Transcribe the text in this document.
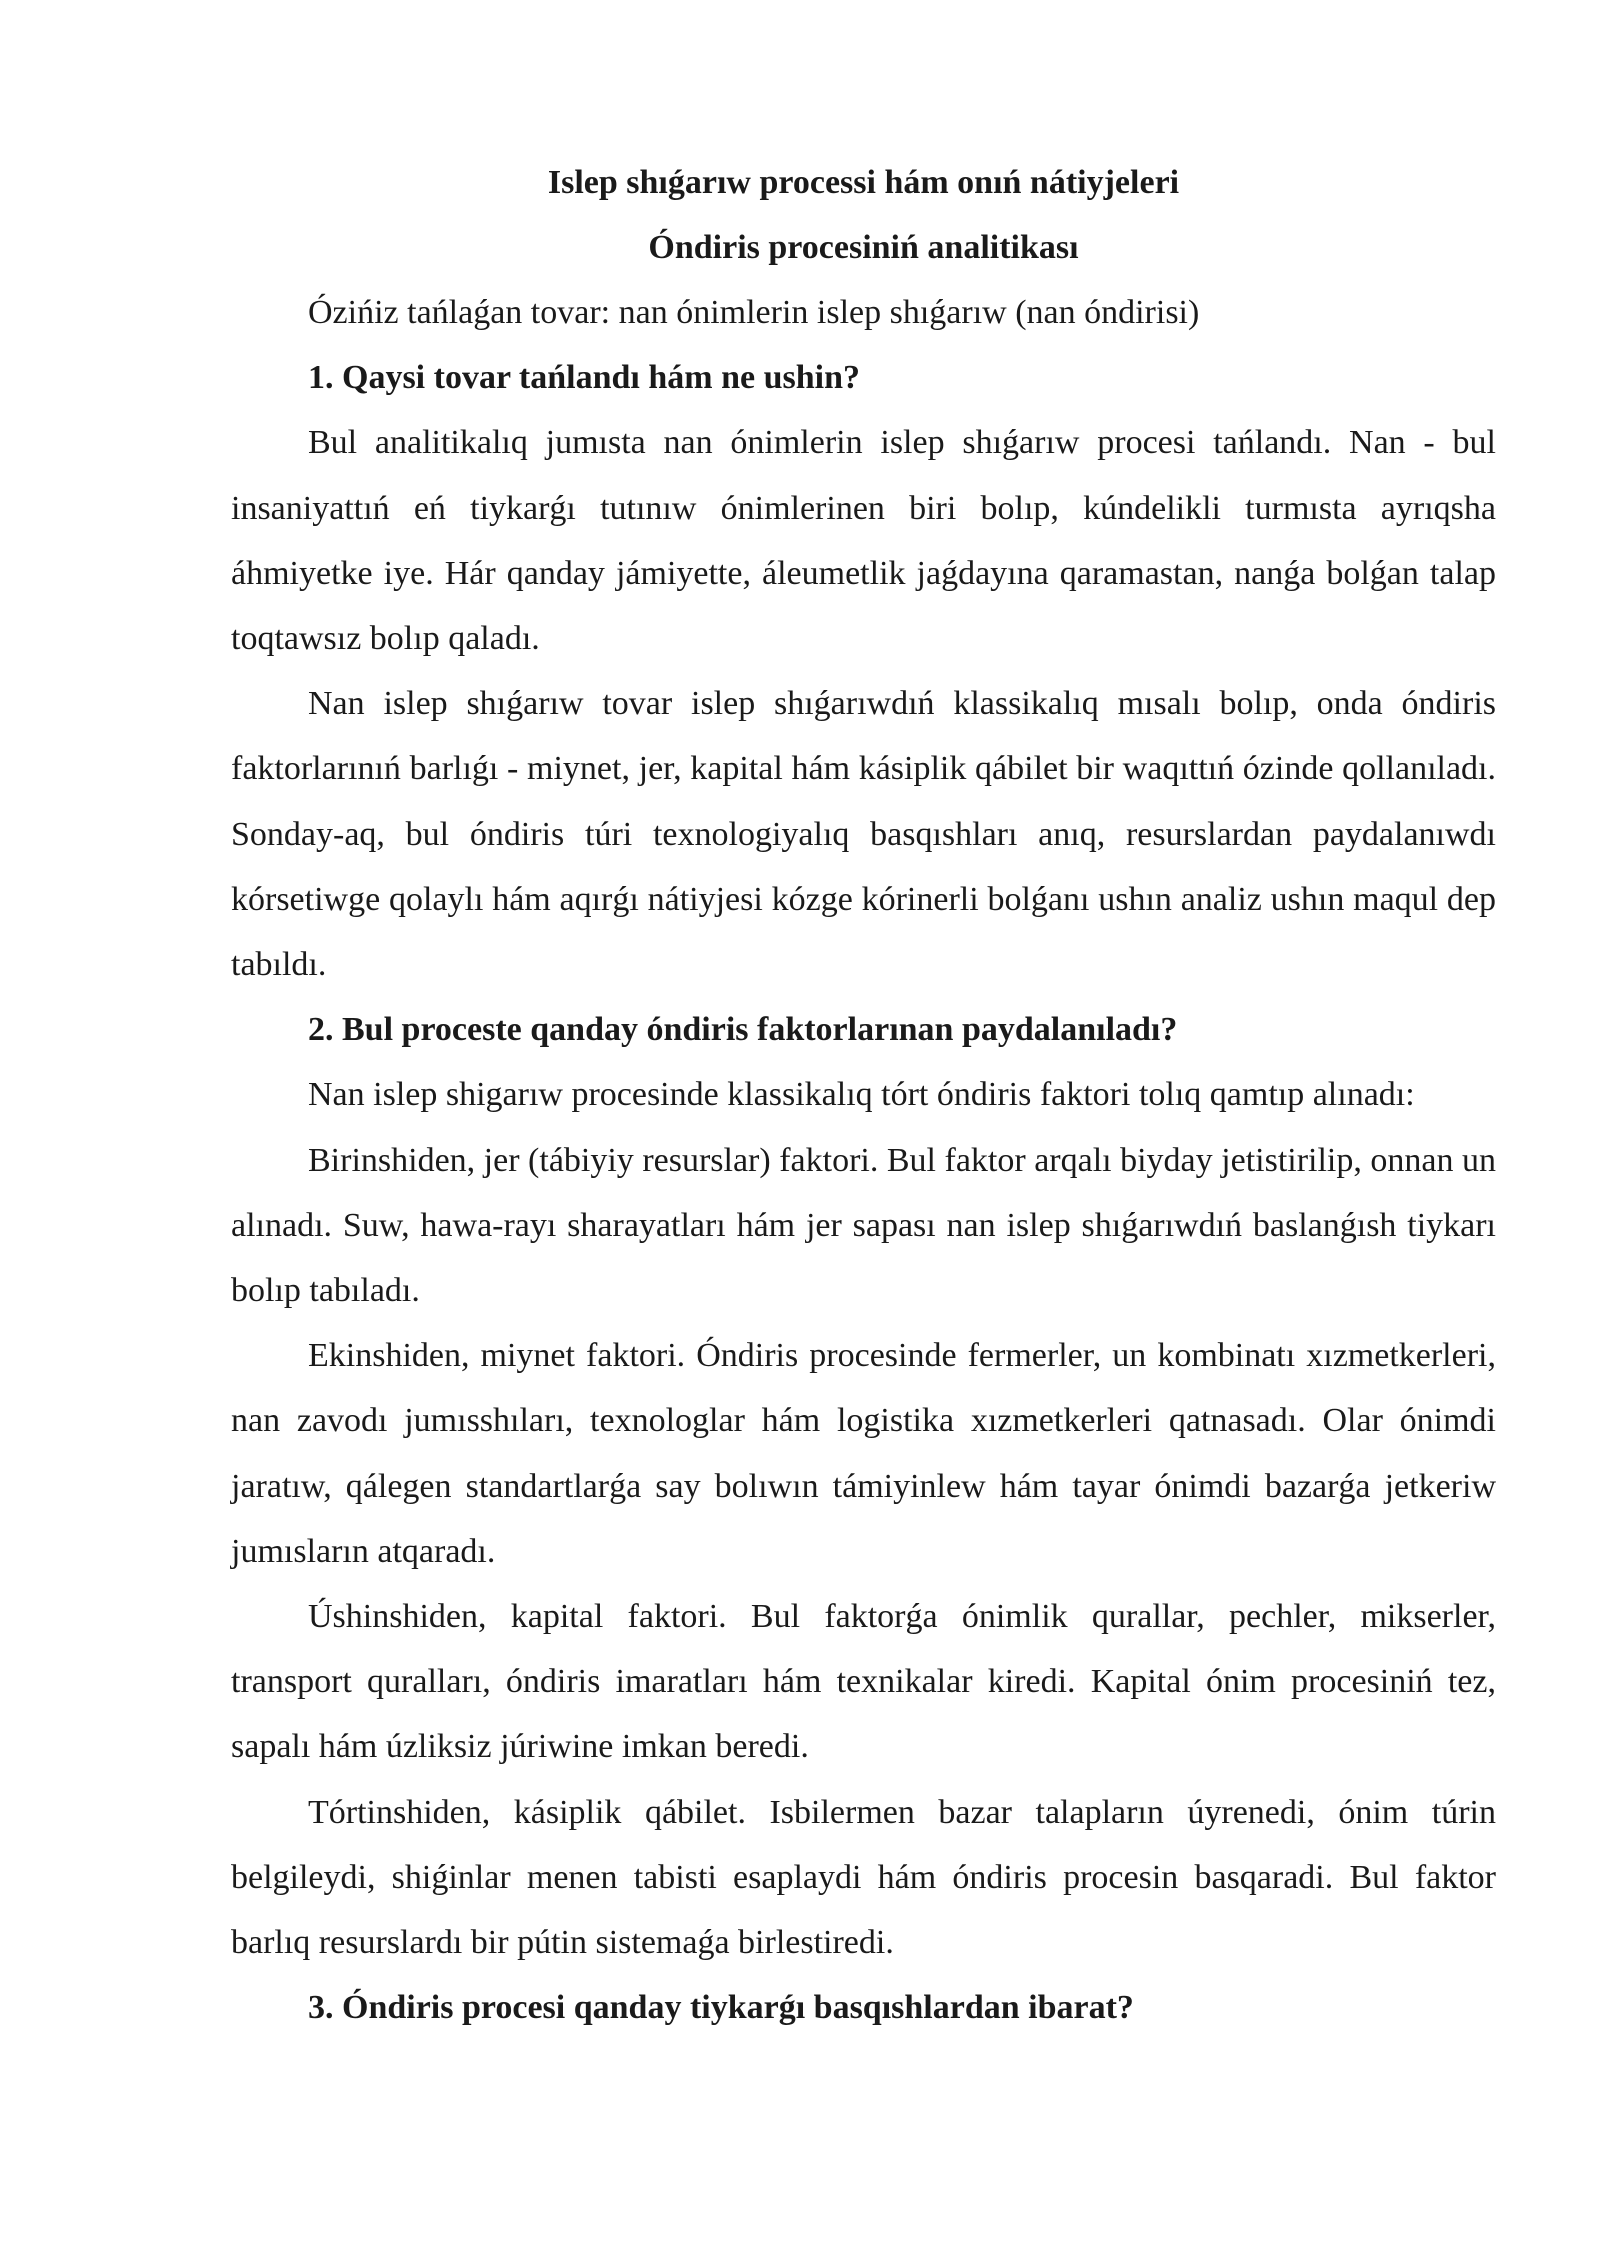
Islep shıǵarıw processi hám onıń nátiyjeleri
Óndiris procesiniń analitikası

Ózińiz tańlaǵan tovar: nan ónimlerin islep shıǵarıw (nan óndirisi)

1. Qaysi tovar tańlandı hám ne ushin?

Bul analitikalıq jumısta nan ónimlerin islep shıǵarıw procesi tańlandı. Nan - bul insaniyattıń eń tiykarǵı tutınıw ónimlerinen biri bolıp, kúndelikli turmısta ayrıqsha áhmiyetke iye. Hár qanday jámiyette, áleumetlik jaǵdayına qaramastan, nanǵa bolǵan talap toqtawsız bolıp qaladı.

Nan islep shıǵarıw tovar islep shıǵarıwdıń klassikalıq mısalı bolıp, onda óndiris faktorlarınıń barlıǵı - miynet, jer, kapital hám kásiplik qábilet bir waqıttıń ózinde qollanıladı. Sonday-aq, bul óndiris túri texnologiyalıq basqıshları anıq, resurslardan paydalanıwdı kórsetiwge qolaylı hám aqırǵı nátiyjesi kózge kórinerli bolǵanı ushın analiz ushın maqul dep tabıldı.

2. Bul proceste qanday óndiris faktorlarınan paydalanıladı?

Nan islep shigarıw procesinde klassikalıq tórt óndiris faktori tolıq qamtıp alınadı:

Birinshiden, jer (tábiyiy resurslar) faktori. Bul faktor arqalı biyday jetistirilip, onnan un alınadı. Suw, hawa-rayı sharayatları hám jer sapası nan islep shıǵarıwdıń baslanǵısh tiykarı bolıp tabıladı.

Ekinshiden, miynet faktori. Óndiris procesinde fermerler, un kombinatı xızmetkerleri, nan zavodı jumısshıları, texnologlar hám logistika xızmetkerleri qatnasadı. Olar ónimdi jaratıw, qálegen standartlarǵa say bolıwın támiyinlew hám tayar ónimdi bazarǵa jetkeriw jumısların atqaradı.

Úshinshiden, kapital faktori. Bul faktorǵa ónimlik qurallar, pechler, mikserler, transport quralları, óndiris imaratları hám texnikalar kiredi. Kapital ónim procesiniń tez, sapalı hám úzliksiz júriwine imkan beredi.

Tórtinshiden, kásiplik qábilet. Isbilermen bazar talapların úyrenedi, ónim túrin belgileydi, shiǵinlar menen tabisti esaplaydi hám óndiris procesin basqaradi. Bul faktor barlıq resurslardı bir pútin sistemaǵa birlestiredi.

3. Óndiris procesi qanday tiykarǵı basqıshlardan ibarat?
